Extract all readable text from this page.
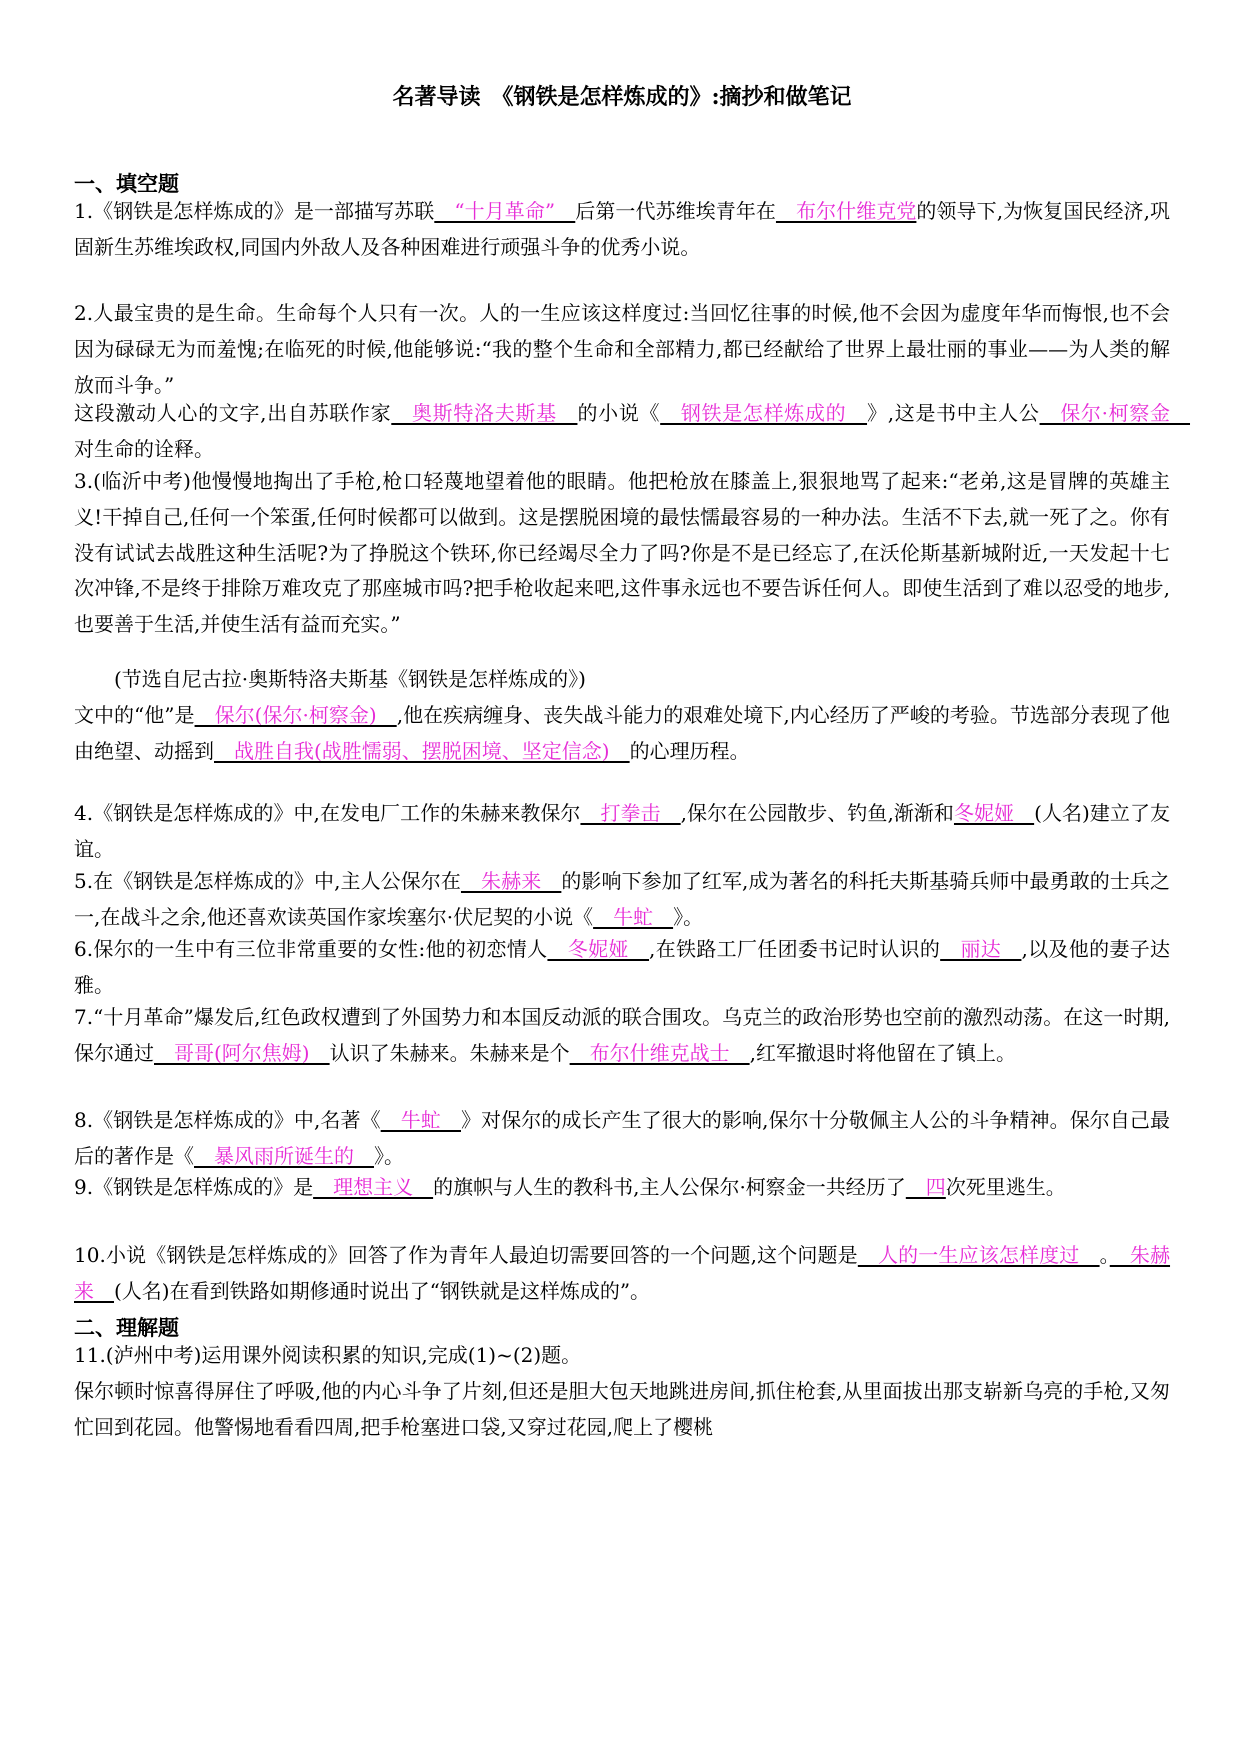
名著导读　《钢铁是怎样炼成的》:摘抄和做笔记
一、填空题
1.《钢铁是怎样炼成的》是一部描写苏联　“十月革命”　后第一代苏维埃青年在　布尔什维克党的领导下,为恢复国民经济,巩固新生苏维埃政权,同国内外敌人及各种困难进行顽强斗争的优秀小说。
2.人最宝贵的是生命。生命每个人只有一次。人的一生应该这样度过:当回忆往事的时候,他不会因为虚度年华而悔恨,也不会因为碌碌无为而羞愧;在临死的时候,他能够说:“我的整个生命和全部精力,都已经献给了世界上最壮丽的事业——为人类的解放而斗争。”
这段激动人心的文字,出自苏联作家　奥斯特洛夫斯基　的小说《　钢铁是怎样炼成的　》,这是书中主人公　保尔·柯察金　对生命的诠释。
3.(临沂中考)他慢慢地掏出了手枪,枪口轻蔑地望着他的眼睛。他把枪放在膝盖上,狠狠地骂了起来:“老弟,这是冒牌的英雄主义!干掉自己,任何一个笨蛋,任何时候都可以做到。这是摆脱困境的最怯懦最容易的一种办法。生活不下去,就一死了之。你有没有试试去战胜这种生活呢?为了挣脱这个铁环,你已经竭尽全力了吗?你是不是已经忘了,在沃伦斯基新城附近,一天发起十七次冲锋,不是终于排除万难攻克了那座城市吗?把手枪收起来吧,这件事永远也不要告诉任何人。即使生活到了难以忍受的地步,也要善于生活,并使生活有益而充实。”
(节选自尼古拉·奥斯特洛夫斯基《钢铁是怎样炼成的》)
文中的“他”是　保尔(保尔·柯察金)　,他在疾病缠身、丧失战斗能力的艰难处境下,内心经历了严峻的考验。节选部分表现了他由绝望、动摇到　战胜自我(战胜懦弱、摆脱困境、坚定信念)　的心理历程。
4.《钢铁是怎样炼成的》中,在发电厂工作的朱赫来教保尔　打拳击　,保尔在公园散步、钓鱼,渐渐和冬妮娅　(人名)建立了友谊。
5.在《钢铁是怎样炼成的》中,主人公保尔在　朱赫来　的影响下参加了红军,成为著名的科托夫斯基骑兵师中最勇敢的士兵之一,在战斗之余,他还喜欢读英国作家埃塞尔·伏尼契的小说《　牛虻　》。
6.保尔的一生中有三位非常重要的女性:他的初恋情人　冬妮娅　,在铁路工厂任团委书记时认识的　丽达　,以及他的妻子达雅。
7.“十月革命”爆发后,红色政权遭到了外国势力和本国反动派的联合围攻。乌克兰的政治形势也空前的激烈动荡。在这一时期,保尔通过　哥哥(阿尔焦姆)　认识了朱赫来。朱赫来是个　布尔什维克战士　,红军撤退时将他留在了镇上。
8.《钢铁是怎样炼成的》中,名著《　牛虻　》对保尔的成长产生了很大的影响,保尔十分敬佩主人公的斗争精神。保尔自己最后的著作是《　暴风雨所诞生的　》。
9.《钢铁是怎样炼成的》是　理想主义　的旗帜与人生的教科书,主人公保尔·柯察金一共经历了　四次死里逃生。
10.小说《钢铁是怎样炼成的》回答了作为青年人最迫切需要回答的一个问题,这个问题是　人的一生应该怎样度过　。　朱赫来　(人名)在看到铁路如期修通时说出了“钢铁就是这样炼成的”。
二、理解题
11.(泸州中考)运用课外阅读积累的知识,完成(1)~(2)题。
保尔顿时惊喜得屏住了呼吸,他的内心斗争了片刻,但还是胆大包天地跳进房间,抓住枪套,从里面拔出那支崭新乌亮的手枪,又匆忙回到花园。他警惕地看看四周,把手枪塞进口袋,又穿过花园,爬上了樱桃
